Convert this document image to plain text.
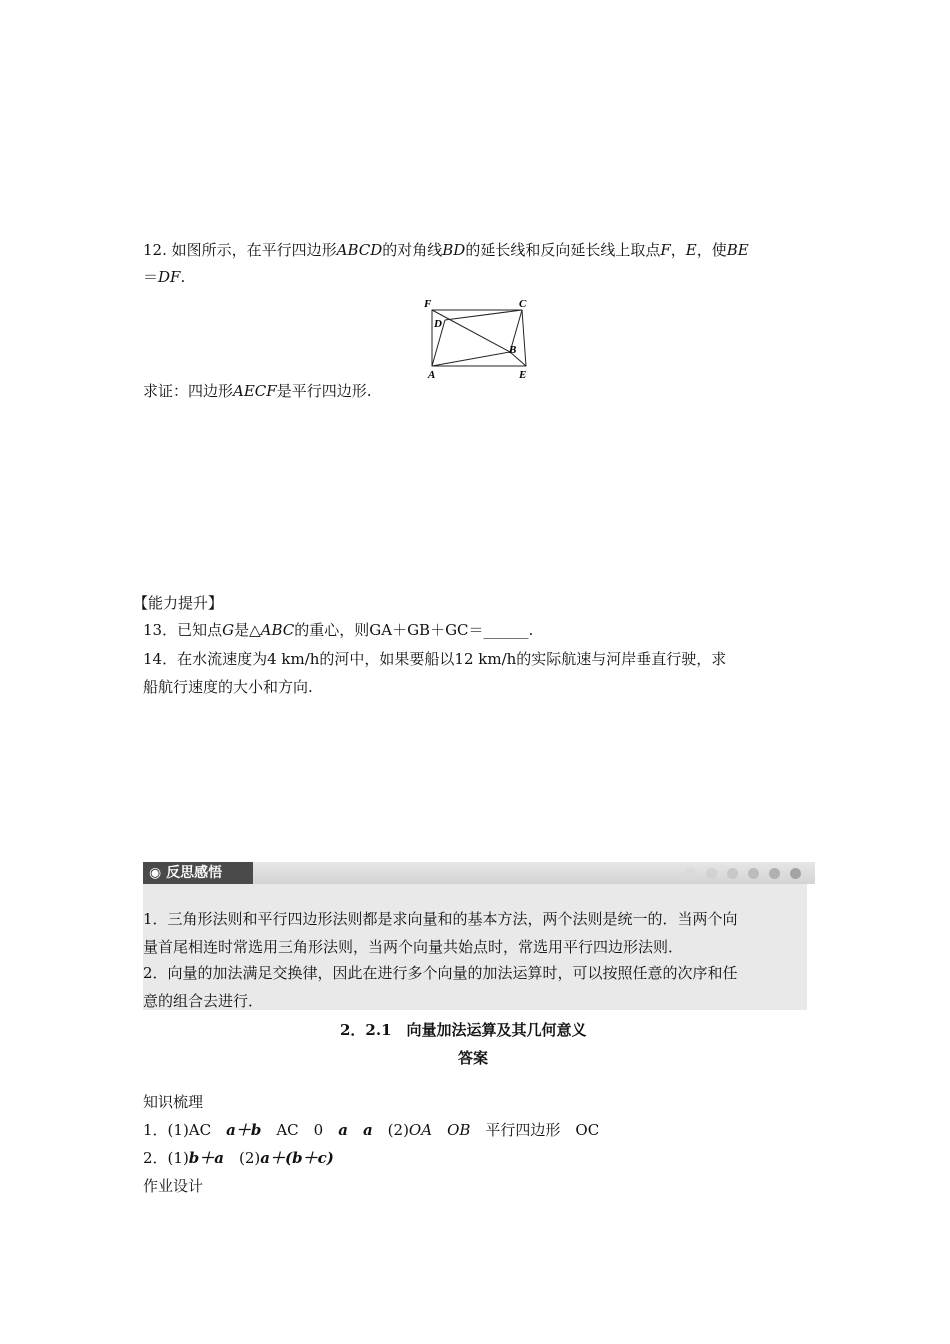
12. 如图所示，在平行四边形ABCD的对角线BD的延长线和反向延长线上取点F，E，使BE
＝DF.
F	C
D
B
A	E
求证：四边形AECF是平行四边形.
【能力提升】
13．已知点G是△ABC的重心，则GA＋GB＋GC＝______.
14．在水流速度为4 km/h的河中，如果要船以12 km/h的实际航速与河岸垂直行驶，求
船航行速度的大小和方向.
◉ 反思感悟
1．三角形法则和平行四边形法则都是求向量和的基本方法，两个法则是统一的．当两个向
量首尾相连时常选用三角形法则，当两个向量共始点时，常选用平行四边形法则．
2．向量的加法满足交换律，因此在进行多个向量的加法运算时，可以按照任意的次序和任
意的组合去进行．
2．2.1　向量加法运算及其几何意义
答案
知识梳理
1．(1)AC　a＋b　AC　0　a　 a　(2)OA　 OB　平行四边形　OC
2．(1)b＋a　(2)a＋(b＋c)
作业设计
